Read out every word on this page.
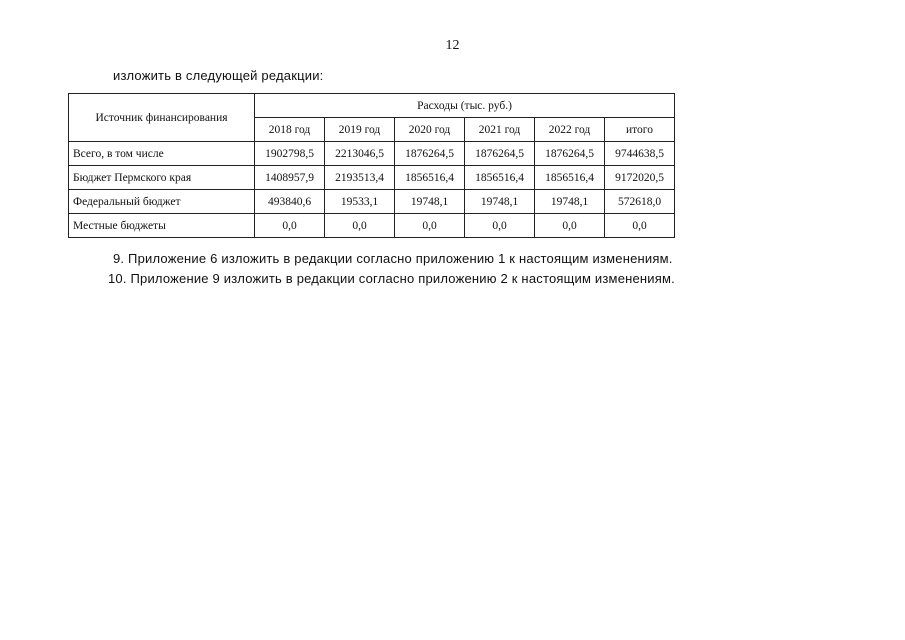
12
изложить в следующей редакции:
Источник финансирования	Расходы (тыс. руб.)					
	2018 год	2019 год	2020 год	2021 год	2022 год	итого
Всего, в том числе	1902798,5	2213046,5	1876264,5	1876264,5	1876264,5	9744638,5
Бюджет Пермского края	1408957,9	2193513,4	1856516,4	1856516,4	1856516,4	9172020,5
Федеральный бюджет	493840,6	19533,1	19748,1	19748,1	19748,1	572618,0
Местные бюджеты	0,0	0,0	0,0	0,0	0,0	0,0
9. Приложение 6 изложить в редакции согласно приложению 1 к настоящим изменениям.
10. Приложение 9 изложить в редакции согласно приложению 2 к настоящим изменениям.
